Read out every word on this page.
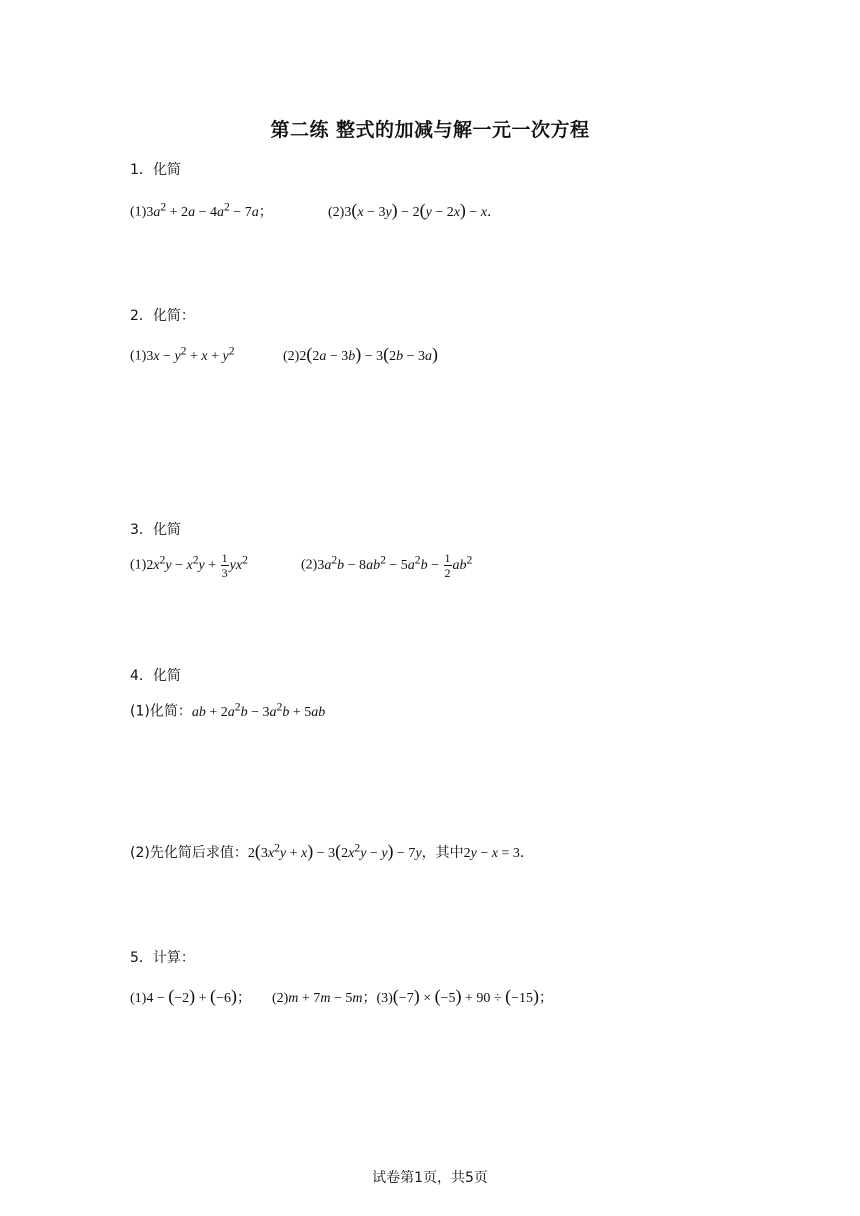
第二练 整式的加减与解一元一次方程
1．化简
$(1)3a^2 + 2a - 4a^2 - 7a$；	(2)3(x − 3y) − 2(y − 2x) − x．
2．化简：
$(1)3x - y^2 + x + y^2$	(2)2(2a − 3b) − 3(2b − 3a)
3．化简
$(1)2x^2y - x^2y + \frac{1}{3} yx^2$	$(2)3a^2b - 8ab^2 - 5a^2b - \frac{1}{2} ab^2$
4．化简
(1)化简：ab + $2a^2b - 3a^2b + 5ab$
(2)先化简后求值：$2(3x^2y + x) - 3(2x^2y - y) - 7y$，其中2y − x = 3．
5．计算：
(1)4 − (−2) + (−6)； (2)m + 7m − 5m；(3)(−7) × (−5) + 90 ÷ (−15)；
试卷第1页，共5页
